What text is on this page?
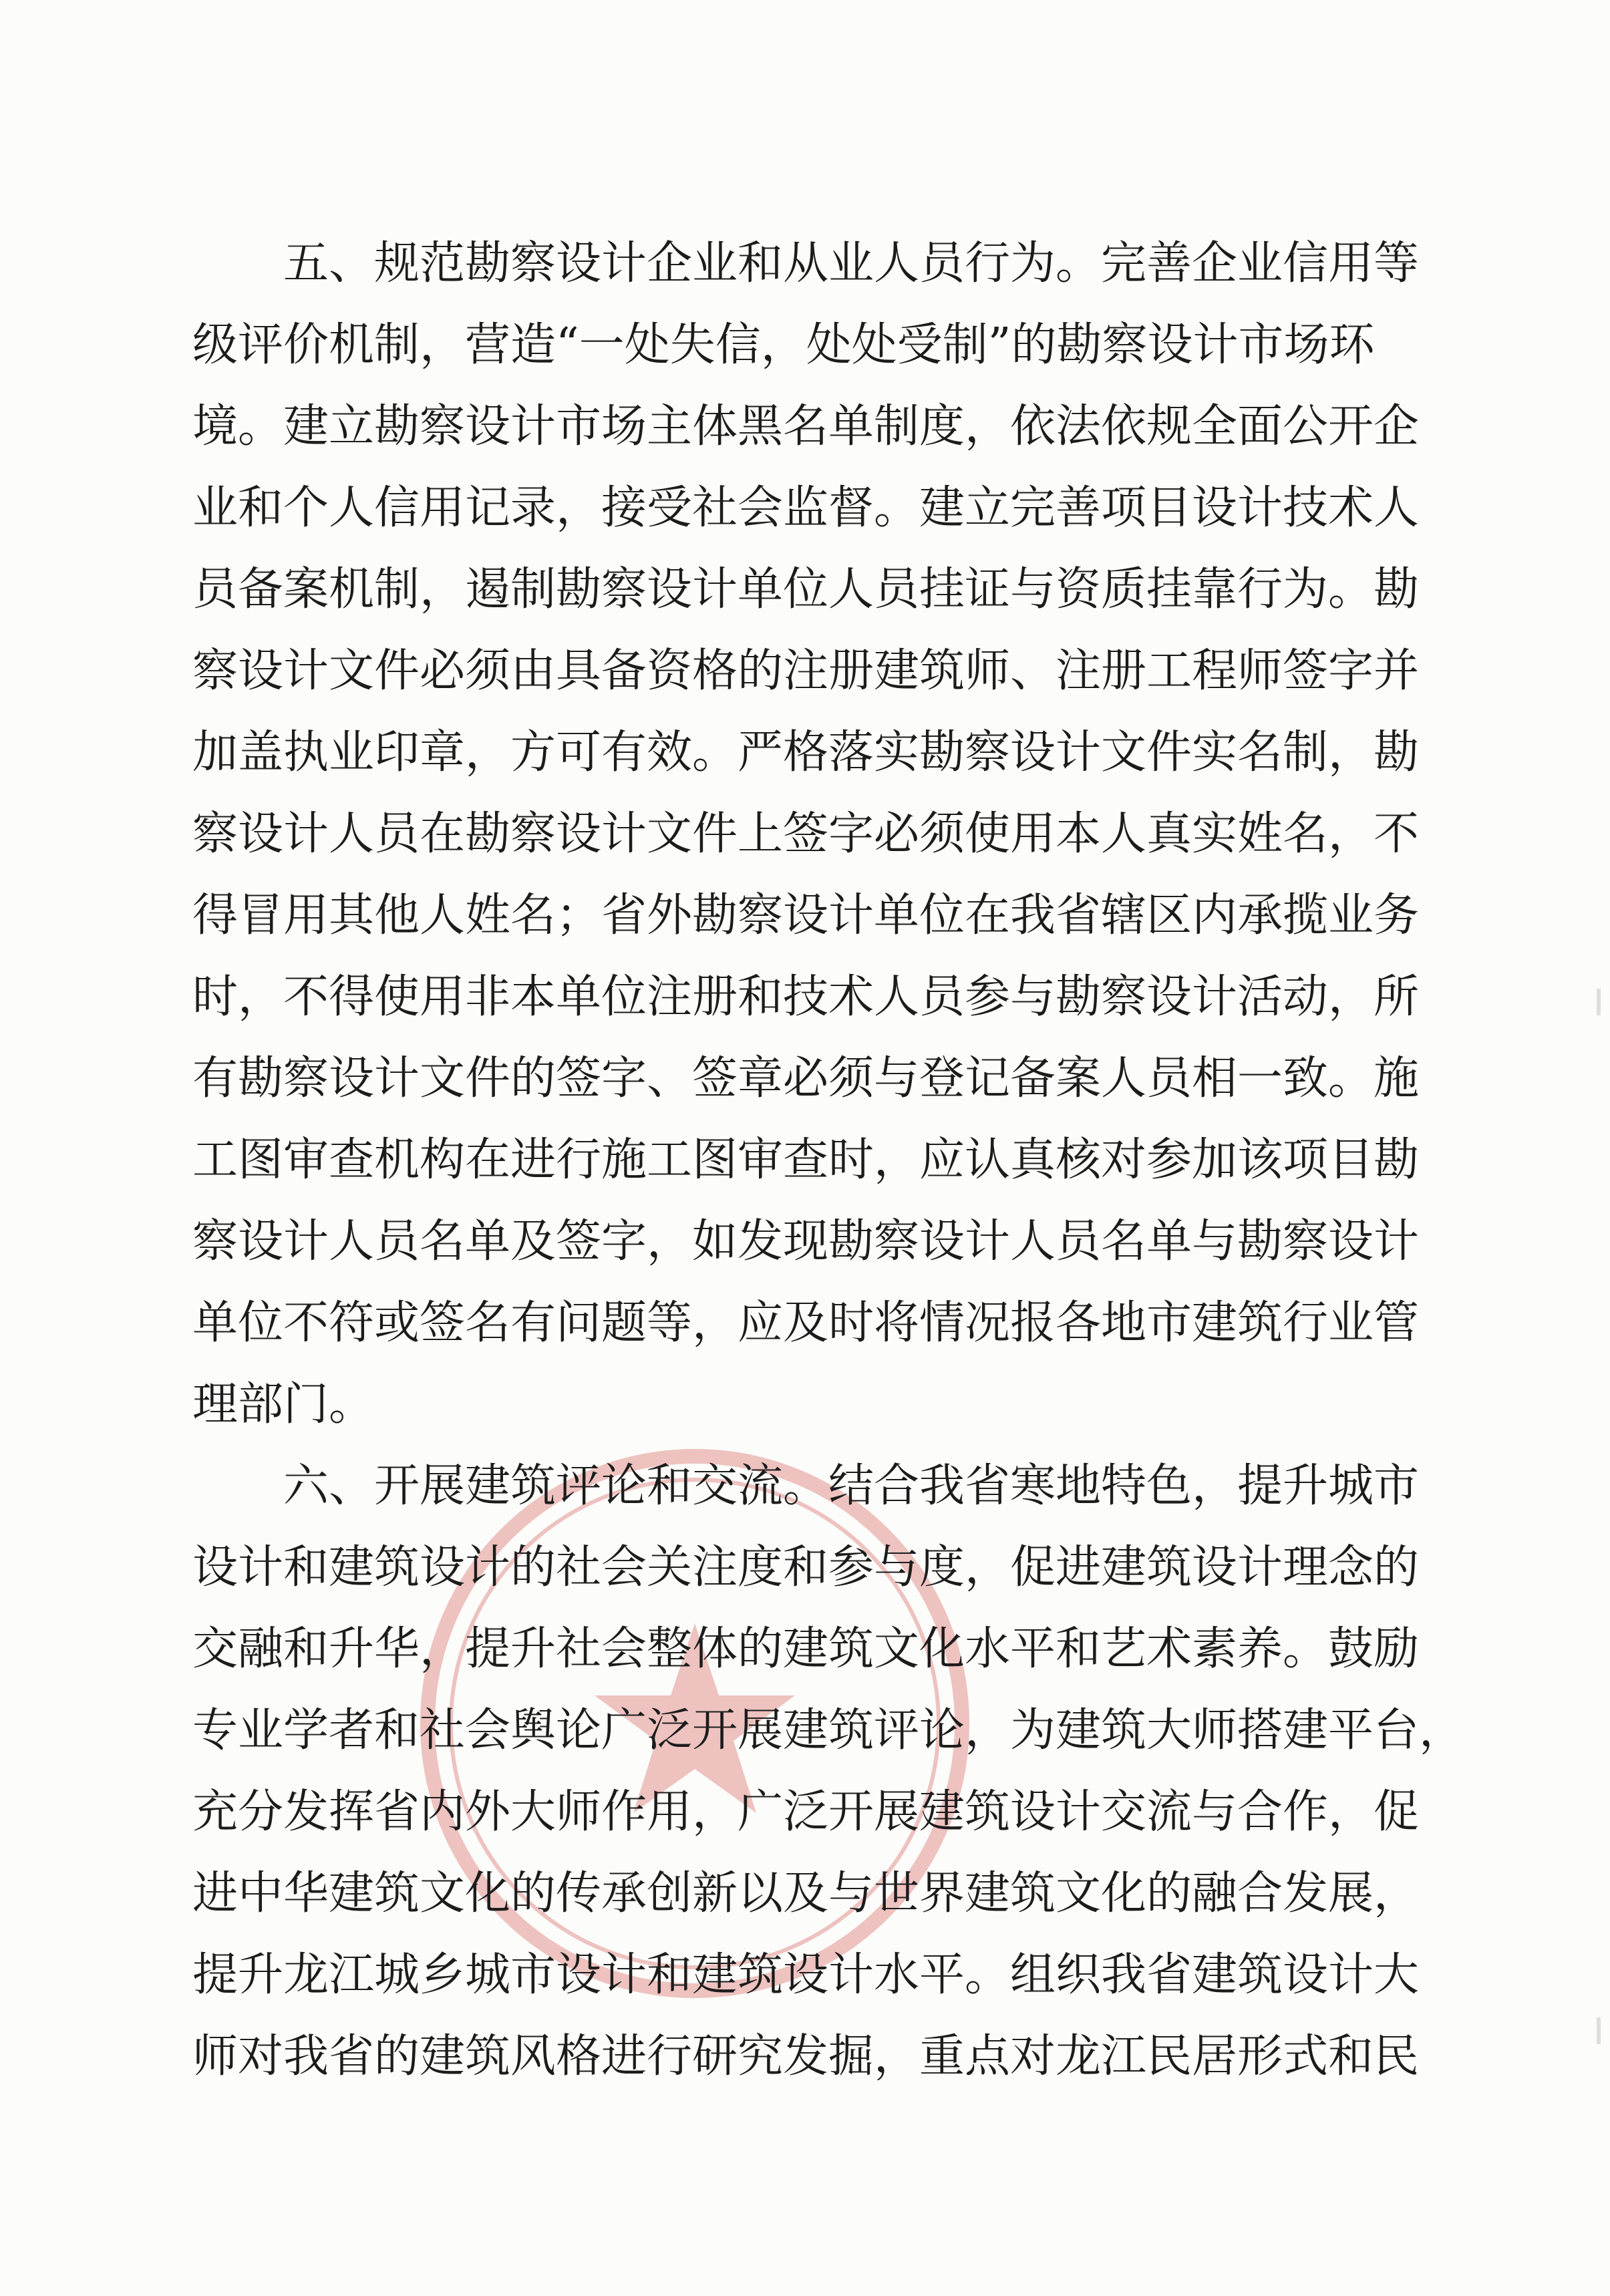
五、规范勘察设计企业和从业人员行为。完善企业信用等
级评价机制，营造“一处失信，处处受制”的勘察设计市场环
境。建立勘察设计市场主体黑名单制度，依法依规全面公开企
业和个人信用记录，接受社会监督。建立完善项目设计技术人
员备案机制，遏制勘察设计单位人员挂证与资质挂靠行为。勘
察设计文件必须由具备资格的注册建筑师、注册工程师签字并
加盖执业印章，方可有效。严格落实勘察设计文件实名制，勘
察设计人员在勘察设计文件上签字必须使用本人真实姓名，不
得冒用其他人姓名；省外勘察设计单位在我省辖区内承揽业务
时，不得使用非本单位注册和技术人员参与勘察设计活动，所
有勘察设计文件的签字、签章必须与登记备案人员相一致。施
工图审查机构在进行施工图审查时，应认真核对参加该项目勘
察设计人员名单及签字，如发现勘察设计人员名单与勘察设计
单位不符或签名有问题等，应及时将情况报各地市建筑行业管
理部门。
六、开展建筑评论和交流。结合我省寒地特色，提升城市
设计和建筑设计的社会关注度和参与度，促进建筑设计理念的
交融和升华，提升社会整体的建筑文化水平和艺术素养。鼓励
专业学者和社会舆论广泛开展建筑评论，为建筑大师搭建平台，
充分发挥省内外大师作用，广泛开展建筑设计交流与合作，促
进中华建筑文化的传承创新以及与世界建筑文化的融合发展，
提升龙江城乡城市设计和建筑设计水平。组织我省建筑设计大
师对我省的建筑风格进行研究发掘，重点对龙江民居形式和民
